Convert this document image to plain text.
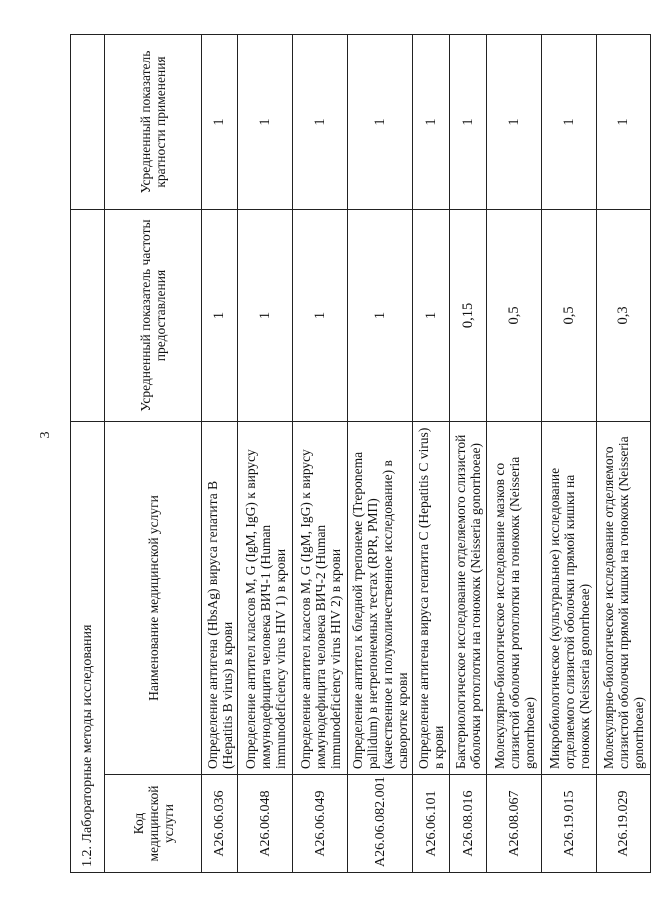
3
1.2. Лабораторные методы исследования			
Код медицинской услуги	Наименование медицинской услуги	Усредненный показатель частоты предоставления	Усредненный показатель кратности применения
A26.06.036	Определение антигена (HbsAg) вируса гепатита B (Hepatitis B virus) в крови	1	1
A26.06.048	Определение антител классов M, G (IgM, IgG) к вирусу иммунодефицита человека ВИЧ-1 (Human immunodeficiency virus HIV 1) в крови	1	1
A26.06.049	Определение антител классов M, G (IgM, IgG) к вирусу иммунодефицита человека ВИЧ-2 (Human immunodeficiency virus HIV 2) в крови	1	1
A26.06.082.001	Определение антител к бледной трепонеме (Treponema pallidum) в нетрепонемных тестах (RPR, РМП) (качественное и полуколичественное исследование) в сыворотке крови	1	1
A26.06.101	Определение антигена вируса гепатита C (Hepatitis C virus) в крови	1	1
A26.08.016	Бактериологическое исследование отделяемого слизистой оболочки ротоглотки на гонококк (Neisseria gonorrhoeae)	0,15	1
A26.08.067	Молекулярно-биологическое исследование мазков со слизистой оболочки ротоглотки на гонококк (Neisseria gonorrhoeae)	0,5	1
A26.19.015	Микробиологическое (культуральное) исследование отделяемого слизистой оболочки прямой кишки на гонококк (Neisseria gonorrhoeae)	0,5	1
A26.19.029	Молекулярно-биологическое исследование отделяемого слизистой оболочки прямой кишки на гонококк (Neisseria gonorrhoeae)	0,3	1
